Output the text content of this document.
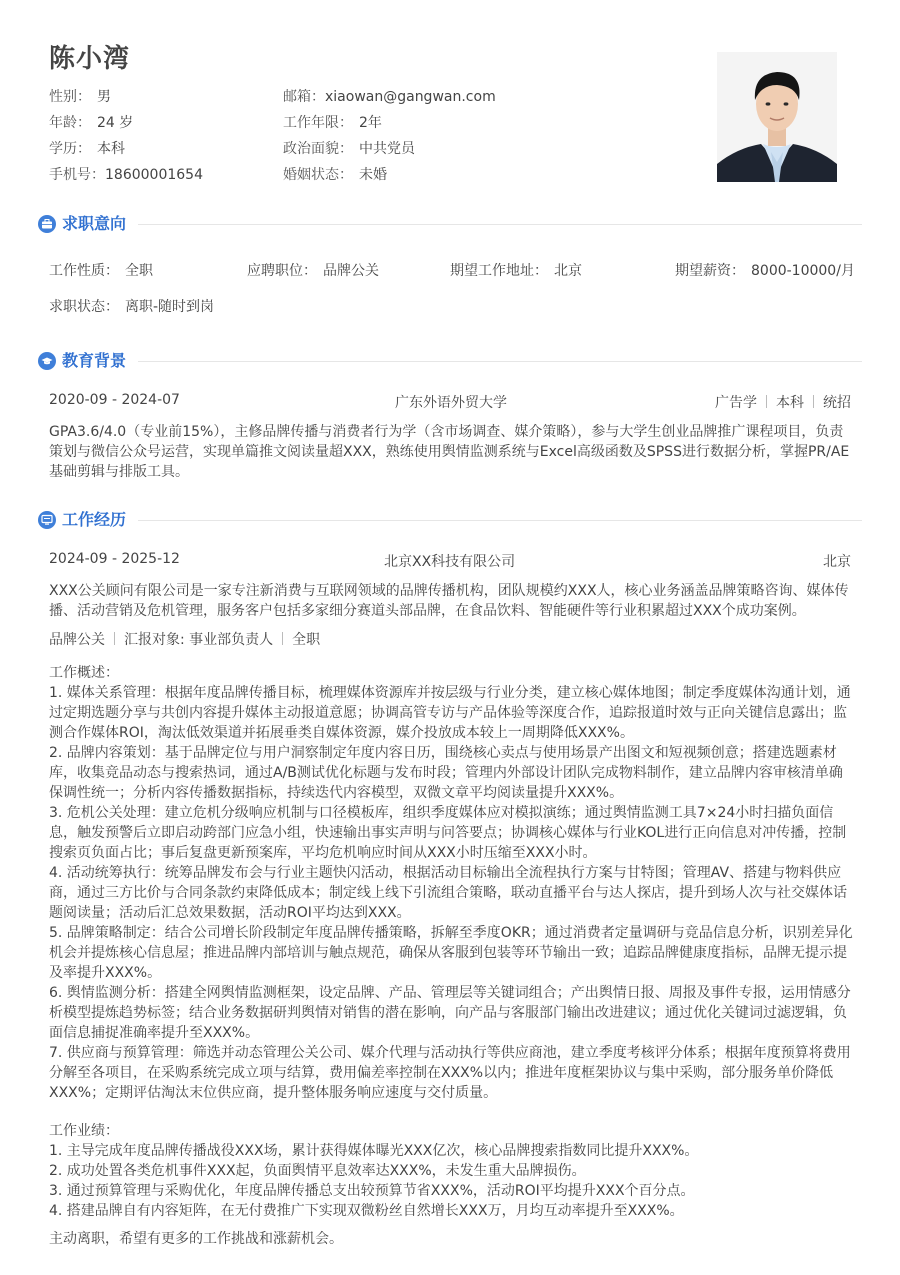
陈小湾
性别： 男
年龄： 24 岁
学历： 本科
手机号：18600001654
邮箱：xiaowan@gangwan.com
工作年限： 2年
政治面貌： 中共党员
婚姻状态： 未婚
求职意向
工作性质： 全职	应聘职位： 品牌公关	期望工作地址： 北京	期望薪资： 8000-10000/月
求职状态： 离职-随时到岗
教育背景
2020-09 - 2024-07	广东外语外贸大学	广告学 本科 统招
GPA3.6/4.0（专业前15%），主修品牌传播与消费者行为学（含市场调查、媒介策略），参与大学生创业品牌推广课程项目，负责策划与微信公众号运营，实现单篇推文阅读量超XXX，熟练使用舆情监测系统与Excel高级函数及SPSS进行数据分析，掌握PR/AE基础剪辑与排版工具。
工作经历
2024-09 - 2025-12	北京XX科技有限公司	北京
XXX公关顾问有限公司是一家专注新消费与互联网领域的品牌传播机构，团队规模约XXX人，核心业务涵盖品牌策略咨询、媒体传播、活动营销及危机管理，服务客户包括多家细分赛道头部品牌，在食品饮料、智能硬件等行业积累超过XXX个成功案例。
品牌公关 汇报对象: 事业部负责人 全职
工作概述：
1. 媒体关系管理：根据年度品牌传播目标，梳理媒体资源库并按层级与行业分类，建立核心媒体地图；制定季度媒体沟通计划，通过定期选题分享与共创内容提升媒体主动报道意愿；协调高管专访与产品体验等深度合作，追踪报道时效与正向关键信息露出；监测合作媒体ROI，淘汰低效渠道并拓展垂类自媒体资源，媒介投放成本较上一周期降低XXX%。
2. 品牌内容策划：基于品牌定位与用户洞察制定年度内容日历，围绕核心卖点与使用场景产出图文和短视频创意；搭建选题素材库，收集竞品动态与搜索热词，通过A/B测试优化标题与发布时段；管理内外部设计团队完成物料制作，建立品牌内容审核清单确保调性统一；分析内容传播数据指标，持续迭代内容模型，双微文章平均阅读量提升XXX%。
3. 危机公关处理：建立危机分级响应机制与口径模板库，组织季度媒体应对模拟演练；通过舆情监测工具7×24小时扫描负面信息，触发预警后立即启动跨部门应急小组，快速输出事实声明与问答要点；协调核心媒体与行业KOL进行正向信息对冲传播，控制搜索页负面占比；事后复盘更新预案库，平均危机响应时间从XXX小时压缩至XXX小时。
4. 活动统筹执行：统筹品牌发布会与行业主题快闪活动，根据活动目标输出全流程执行方案与甘特图；管理AV、搭建与物料供应商，通过三方比价与合同条款约束降低成本；制定线上线下引流组合策略，联动直播平台与达人探店，提升到场人次与社交媒体话题阅读量；活动后汇总效果数据，活动ROI平均达到XXX。
5. 品牌策略制定：结合公司增长阶段制定年度品牌传播策略，拆解至季度OKR；通过消费者定量调研与竞品信息分析，识别差异化机会并提炼核心信息屋；推进品牌内部培训与触点规范，确保从客服到包装等环节输出一致；追踪品牌健康度指标，品牌无提示提及率提升XXX%。
6. 舆情监测分析：搭建全网舆情监测框架，设定品牌、产品、管理层等关键词组合；产出舆情日报、周报及事件专报，运用情感分析模型提炼趋势标签；结合业务数据研判舆情对销售的潜在影响，向产品与客服部门输出改进建议；通过优化关键词过滤逻辑，负面信息捕捉准确率提升至XXX%。
7. 供应商与预算管理：筛选并动态管理公关公司、媒介代理与活动执行等供应商池，建立季度考核评分体系；根据年度预算将费用分解至各项目，在采购系统完成立项与结算，费用偏差率控制在XXX%以内；推进年度框架协议与集中采购，部分服务单价降低XXX%；定期评估淘汰末位供应商，提升整体服务响应速度与交付质量。
工作业绩：
1. 主导完成年度品牌传播战役XXX场，累计获得媒体曝光XXX亿次，核心品牌搜索指数同比提升XXX%。
2. 成功处置各类危机事件XXX起，负面舆情平息效率达XXX%，未发生重大品牌损伤。
3. 通过预算管理与采购优化，年度品牌传播总支出较预算节省XXX%，活动ROI平均提升XXX个百分点。
4. 搭建品牌自有内容矩阵，在无付费推广下实现双微粉丝自然增长XXX万，月均互动率提升至XXX%。
主动离职，希望有更多的工作挑战和涨薪机会。
